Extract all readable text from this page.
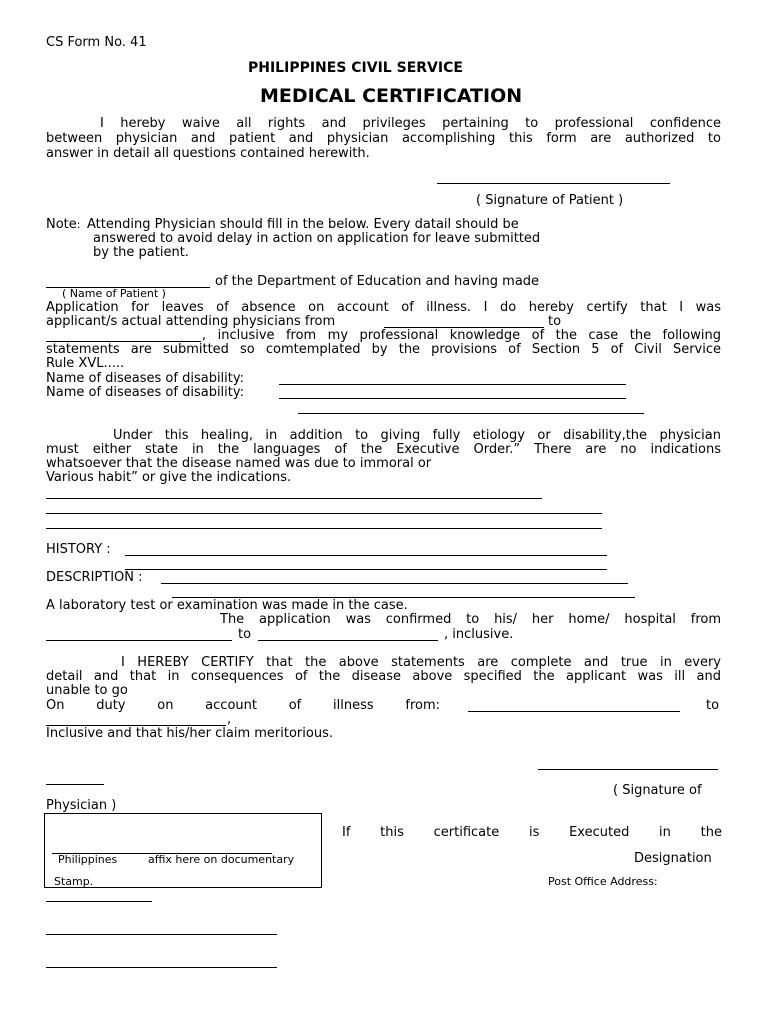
CS Form No. 41
PHILIPPINES CIVIL SERVICE
MEDICAL CERTIFICATION
I hereby waive all rights and privileges pertaining to professional confidence
between physician and patient and physician accomplishing this form are authorized to
answer in detail all questions contained herewith.
( Signature of Patient )
Note: Attending Physician should fill in the below. Every datail should be
answered to avoid delay in action on application for leave submitted
by the patient.
of the Department of Education and having made
( Name of Patient )
Application for leaves of absence on account of illness. I do hereby certify that I was
applicant/s actual attending physicians from	to
, inclusive from my professional knowledge of the case the following
statements are submitted so comtemplated by the provisions of Section 5 of Civil Service
Rule XVL.....
Name of diseases of disability:
Name of diseases of disability:
Under this healing, in addition to giving fully etiology or disability,the physician
must either state in the languages of the Executive Order.” There are no indications
whatsoever that the disease named was due to immoral or
Various habit” or give the indications.
HISTORY :
DESCRIPTION :
A laboratory test or examination was made in the case.
The application was confirmed to his/ her home/ hospital from
to	, inclusive.
I HEREBY CERTIFY that the above statements are complete and true in every
detail and that in consequences of the disease above specified the applicant was ill and
unable to go
On duty on account of illness from:	to
,
Inclusive and that his/her claim meritorious.
( Signature of
Physician )
Philippines	affix here on documentary
Stamp.
If this certificate is Executed in the
Designation
Post Office Address:
